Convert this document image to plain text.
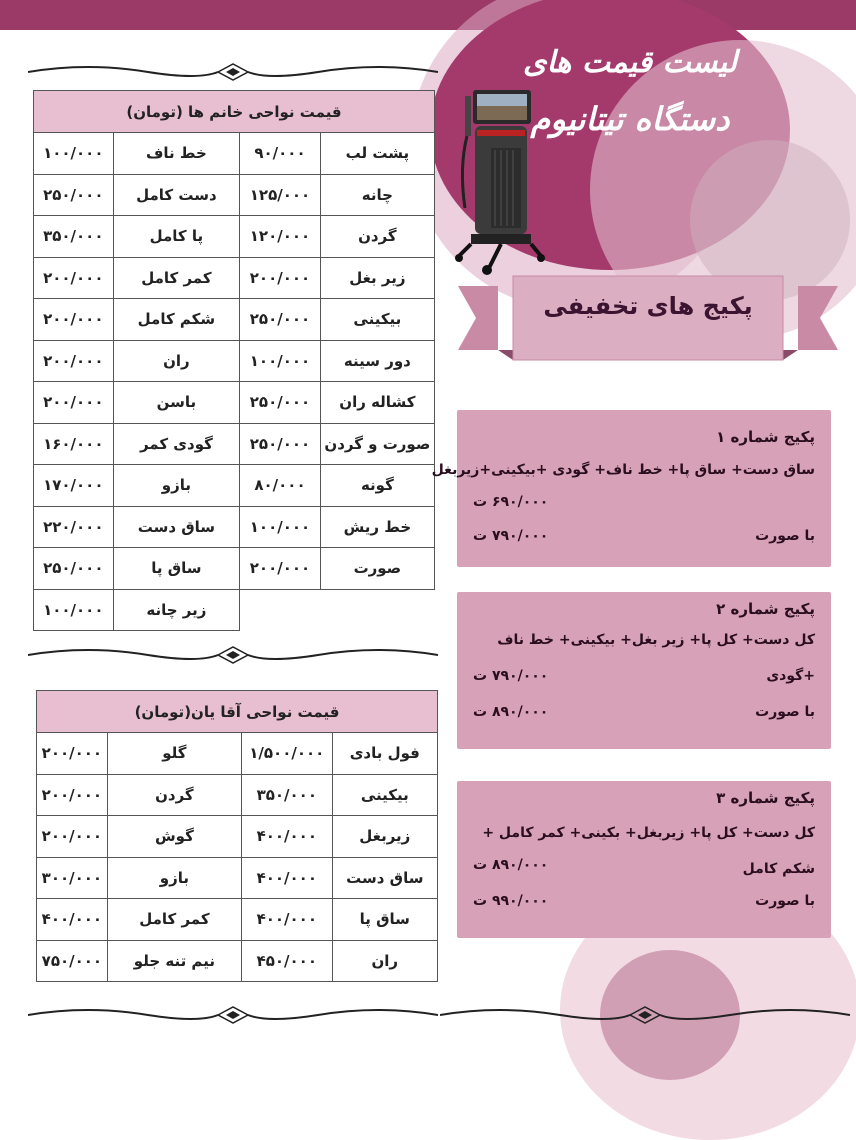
لیست قیمت های
دستگاه تیتانیوم
پکیج های تخفیفی
قیمت نواحی خانم ها (تومان)			
پشت لب	۹۰/۰۰۰	خط ناف	۱۰۰/۰۰۰
چانه	۱۲۵/۰۰۰	دست کامل	۲۵۰/۰۰۰
گردن	۱۲۰/۰۰۰	پا کامل	۳۵۰/۰۰۰
زیر بغل	۲۰۰/۰۰۰	کمر کامل	۲۰۰/۰۰۰
بیکینی	۲۵۰/۰۰۰	شکم کامل	۲۰۰/۰۰۰
دور سینه	۱۰۰/۰۰۰	ران	۲۰۰/۰۰۰
کشاله ران	۲۵۰/۰۰۰	باسن	۲۰۰/۰۰۰
صورت و گردن	۲۵۰/۰۰۰	گودی کمر	۱۶۰/۰۰۰
گونه	۸۰/۰۰۰	بازو	۱۷۰/۰۰۰
خط ریش	۱۰۰/۰۰۰	ساق دست	۲۲۰/۰۰۰
صورت	۲۰۰/۰۰۰	ساق پا	۲۵۰/۰۰۰
		زیر چانه	۱۰۰/۰۰۰
قیمت نواحی آقا یان(تومان)			
فول بادی	۱/۵۰۰/۰۰۰	گلو	۲۰۰/۰۰۰
بیکینی	۳۵۰/۰۰۰	گردن	۲۰۰/۰۰۰
زیربغل	۴۰۰/۰۰۰	گوش	۲۰۰/۰۰۰
ساق دست	۴۰۰/۰۰۰	بازو	۳۰۰/۰۰۰
ساق پا	۴۰۰/۰۰۰	کمر کامل	۴۰۰/۰۰۰
ران	۴۵۰/۰۰۰	نیم تنه جلو	۷۵۰/۰۰۰
پکیج شماره ۱
ساق دست+ ساق پا+ خط ناف+ گودی +بیکینی+زیربغل
۶۹۰/۰۰۰ ت
با صورت
۷۹۰/۰۰۰ ت
پکیج شماره ۲
کل دست+ کل پا+ زیر بغل+ بیکینی+ خط ناف
+گودی
۷۹۰/۰۰۰ ت
با صورت
۸۹۰/۰۰۰ ت
پکیج شماره ۳
کل دست+ کل پا+ زیربغل+ بکینی+ کمر کامل +
شکم کامل
۸۹۰/۰۰۰ ت
با صورت
۹۹۰/۰۰۰ ت
